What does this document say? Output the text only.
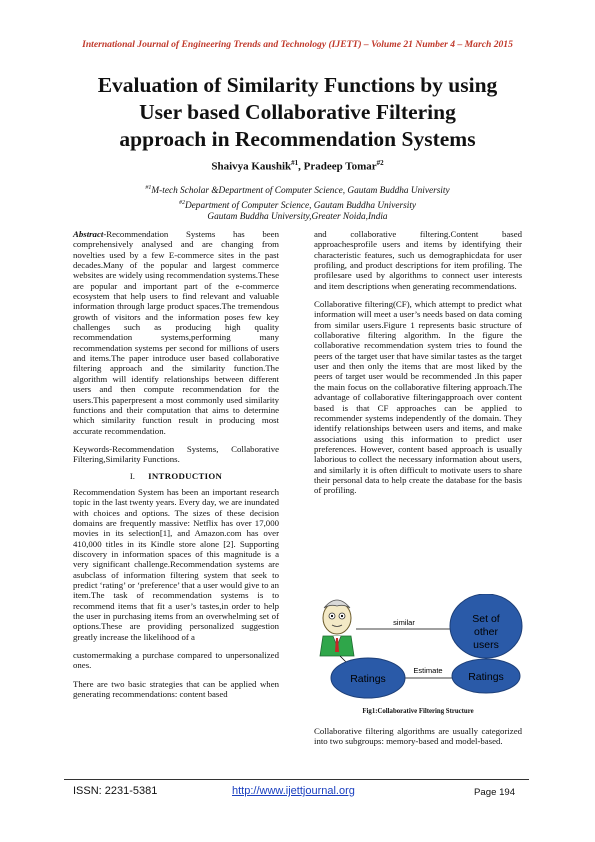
International Journal of Engineering Trends and Technology (IJETT) – Volume 21 Number 4 – March 2015
Evaluation of Similarity Functions by using
User based Collaborative Filtering
approach in Recommendation Systems
Shaivya Kaushik$^{\#1}$, Pradeep Tomar$^{\#2}$
$^{\#1}$M-tech Scholar &Department of Computer Science, Gautam Buddha University
$^{\#2}$Department of Computer Science, Gautam Buddha University
Gautam Buddha University,Greater Noida,India

Abstract-Recommendation Systems has been comprehensively analysed and are changing from novelties used by a few E-commerce sites in the past decades.Many of the popular and largest commerce websites are widely using recommendation systems.These are popular and important part of the e-commerce ecosystem that help users to find relevant and valuable information through large product spaces.The tremendous growth of visitors and the information poses few key challenges such as producing high quality recommendation systems,performing many recommendation systems per second for millions of users and items.The paper introduce user based collaborative filtering approach and the similarity function.The algorithm will identify relationships between different users and then compute recommendation for the users.This paperpresent a most commonly used similarity functions and their computation that aims to determine which similarity function result in producing most accurate recommendation.

Keywords-Recommendation Systems, Collaborative Filtering,Similarity Functions.

I. INTRODUCTION

Recommendation System has been an important research topic in the last twenty years. Every day, we are inundated with choices and options. The sizes of these decision domains are frequently massive: Netflix has over 17,000 movies in its selection[1], and Amazon.com has over 410,000 titles in its Kindle store alone [2]. Supporting discovery in information spaces of this magnitude is a very significant challenge.Recommendation systems are asubclass of information filtering system that seek to predict ‘rating’ or ‘preference’ that a user would give to an item.The task of recommendation systems is to recommend items that fit a user’s tastes,in order to help the user in purchasing items from an overwhelming set of options.These are providing personalized suggestion greatly increase the likelihood of a

customermaking a purchase compared to unpersonalized ones.

There are two basic strategies that can be applied when generating recommendations: content based

and collaborative filtering.Content based approachesprofile users and items by identifying their characteristic features, such us demographicdata for user profiling, and product descriptions for item profiling. The profilesare used by algorithms to connect user interests and item descriptions when generating recommendations.

Collaborative filtering(CF), which attempt to predict what information will meet a user’s needs based on data coming from similar users.Figure 1 represents basic structure of collaborative filtering algorithm. In the figure the collaborative recommendation system tries to found the peers of the target user that have similar tastes as the target user and then only the items that are most liked by the peers of target user would be recommended .In this paper the main focus on the collaborative filtering approach.The advantage of collaborative filteringapproach over content based is that CF approaches can be applied to recommender systems independently of the domain. They identify relationships between users and items, and make associations using this information to predict user preferences. However, content based approach is usually laborious to collect the necessary information about users, and similarly it is often difficult to motivate users to share their personal data to help create the database for the basis of profiling.

similar
Estimate
Set of
other
users
Ratings	Ratings
Fig1:Collaborative Filtering Structure

Collaborative filtering algorithms are usually categorized into two subgroups: memory-based and model-based.

ISSN: 2231-5381	http://www.ijettjournal.org	Page 194
